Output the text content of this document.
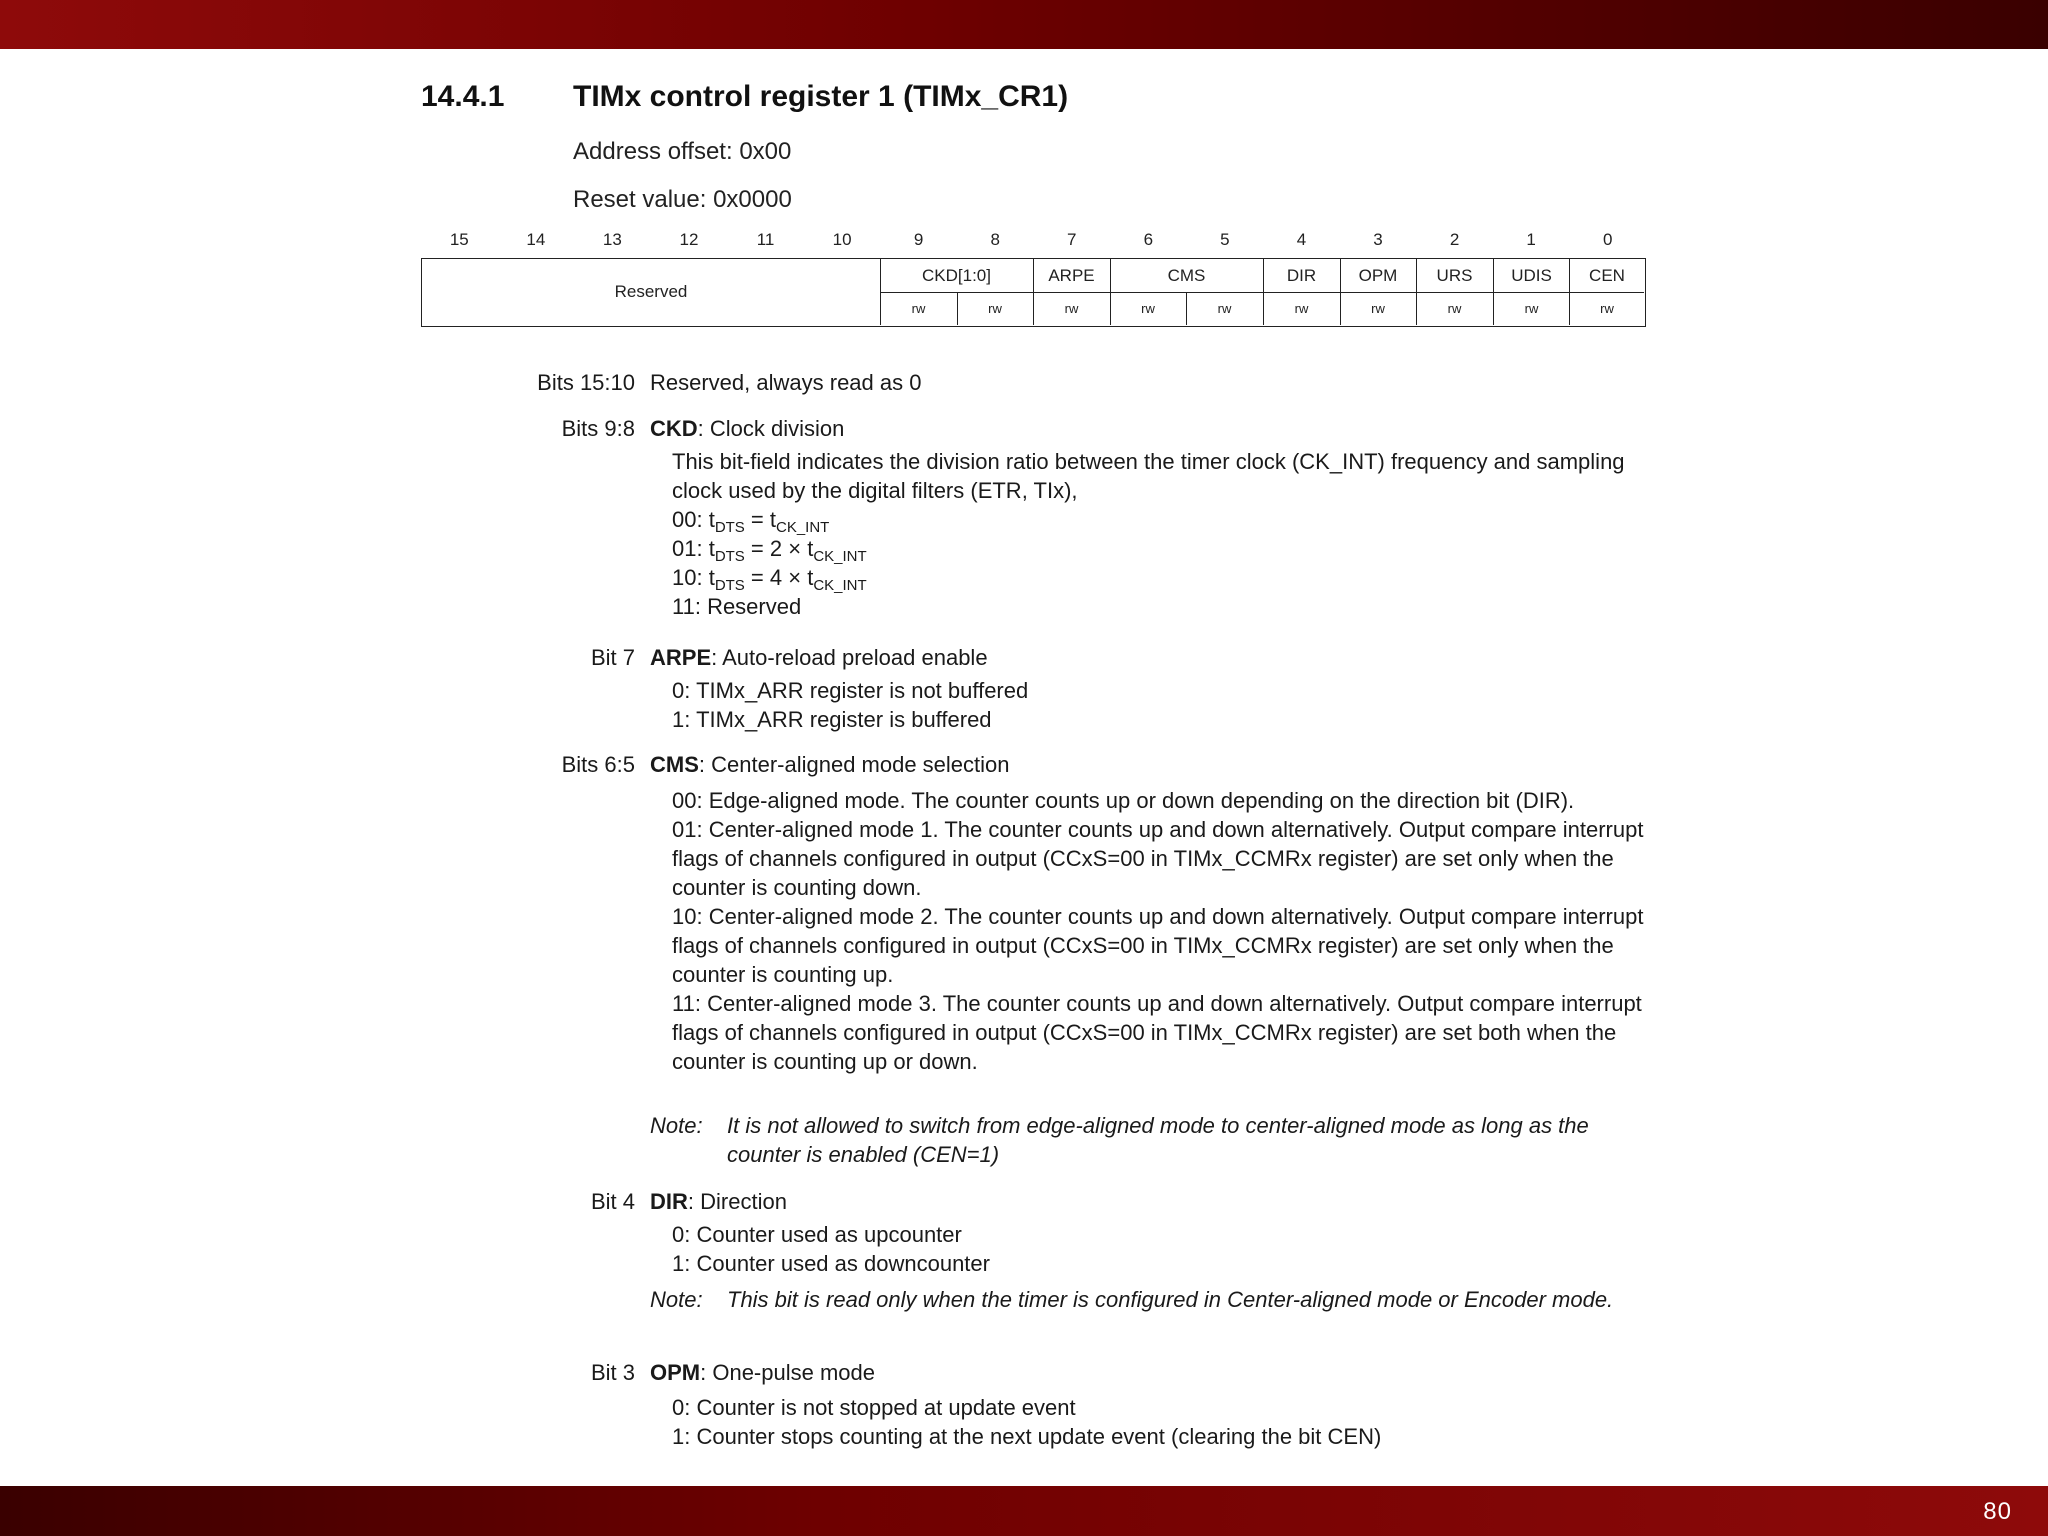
14.4.1 TIMx control register 1 (TIMx_CR1)
Address offset: 0x00
Reset value: 0x0000
15	14	13	12	11	10	9	8	7	6	5	4	3	2	1	0
Reserved
CKD[1:0]	ARPE	CMS	DIR	OPM	URS	UDIS	CEN
rw	rw	rw	rw	rw	rw	rw	rw	rw	rw
Bits 15:10 Reserved, always read as 0
Bits 9:8 CKD: Clock division

This bit-field indicates the division ratio between the timer clock (CK_INT) frequency and sampling clock used by the digital filters (ETR, TIx),

00: $t_{DTS} = t_{CK\_INT}$

01: $t_{DTS} = 2 \times t_{CK\_INT}$

10: $t_{DTS} = 4 \times t_{CK\_INT}$

11: Reserved

Bit 7 ARPE: Auto-reload preload enable

0: TIMx_ARR register is not buffered

1: TIMx_ARR register is buffered

Bits 6:5 CMS: Center-aligned mode selection

00: Edge-aligned mode. The counter counts up or down depending on the direction bit (DIR).

01: Center-aligned mode 1. The counter counts up and down alternatively. Output compare interrupt flags of channels configured in output (CCxS=00 in TIMx_CCMRx register) are set only when the counter is counting down.

10: Center-aligned mode 2. The counter counts up and down alternatively. Output compare interrupt flags of channels configured in output (CCxS=00 in TIMx_CCMRx register) are set only when the counter is counting up.

11: Center-aligned mode 3. The counter counts up and down alternatively. Output compare interrupt flags of channels configured in output (CCxS=00 in TIMx_CCMRx register) are set both when the counter is counting up or down.

Note: It is not allowed to switch from edge-aligned mode to center-aligned mode as long as the counter is enabled (CEN=1)
Bit 4 DIR: Direction

0: Counter used as upcounter

1: Counter used as downcounter

Note: This bit is read only when the timer is configured in Center-aligned mode or Encoder mode.
Bit 3 OPM: One-pulse mode

0: Counter is not stopped at update event

1: Counter stops counting at the next update event (clearing the bit CEN)

80
